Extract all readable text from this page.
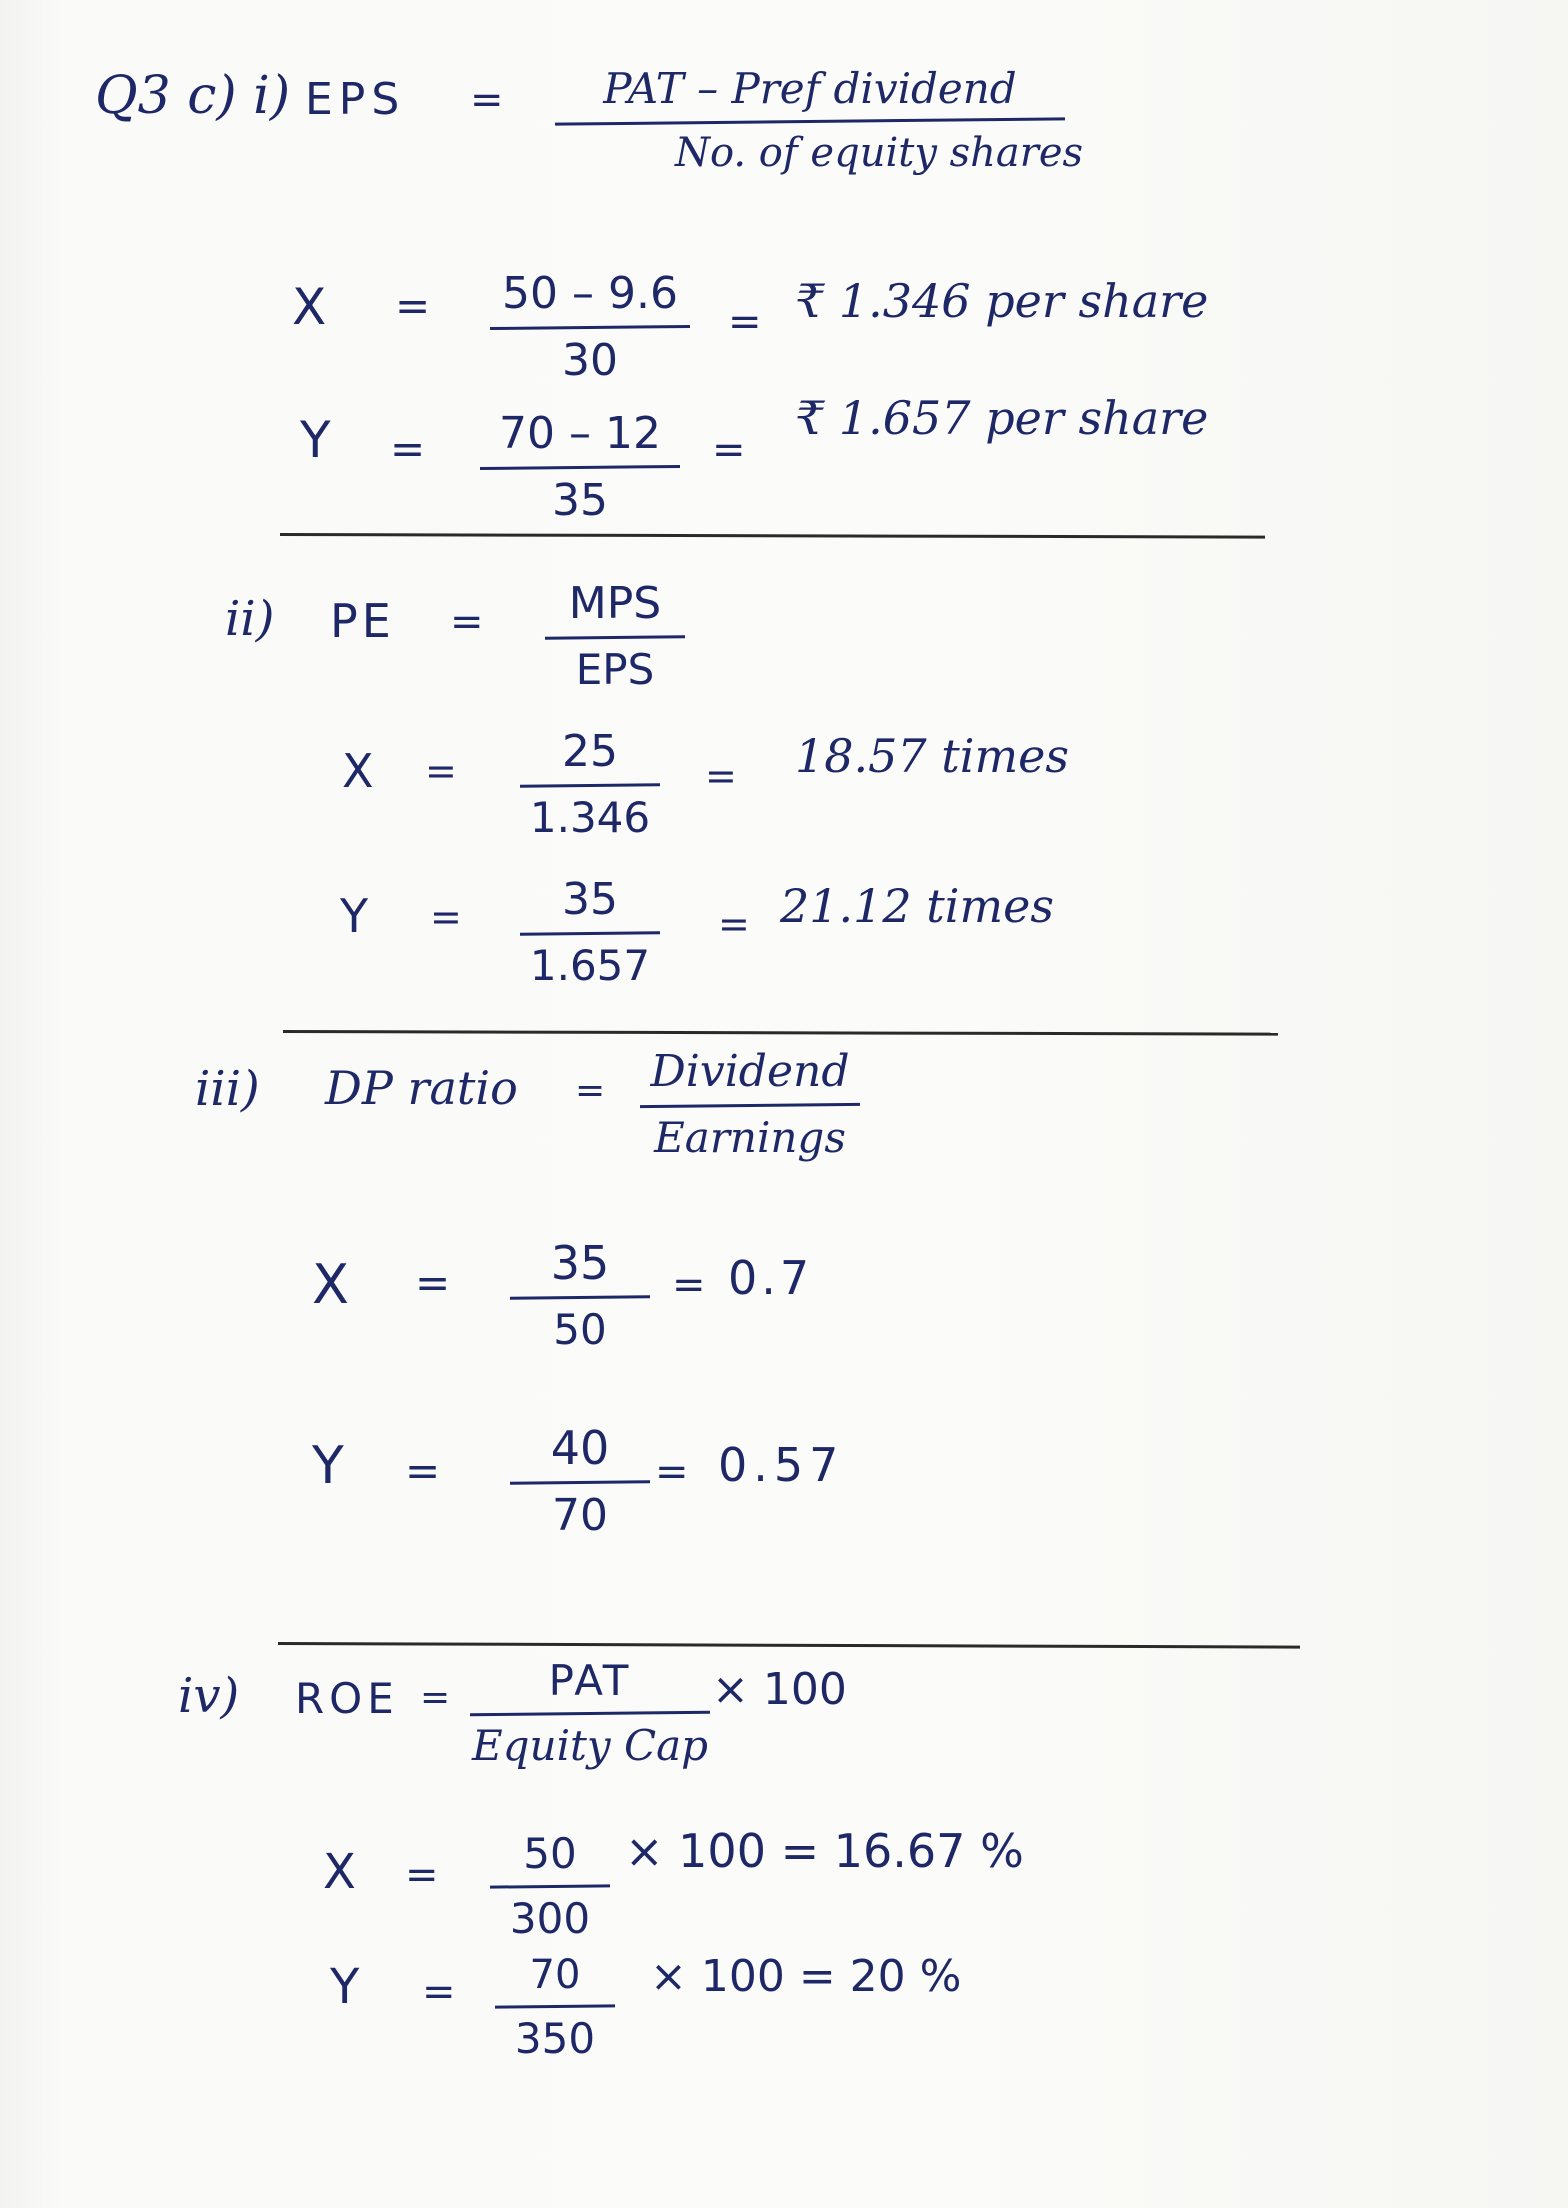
Q3 c) i) EPS =	PAT – Pref dividend
No. of equity shares
X = 50 – 9.6
30
= ₹ 1.346 per share
Y =	70 – 12
35
=
₹ 1.657 per share
ii) PE =	MPS
EPS
X =	25
1.346
= 18.57 times
Y =	35
1.657
= 21.12 times
iii) DP ratio = Dividend
Earnings
X =	35
50
= 0.7
Y =	40
70
= 0.57
iv) ROE =	PAT
Equity Cap
× 100
X =	50
300
× 100 = 16.67 %
Y =	70
350
× 100 = 20 %
